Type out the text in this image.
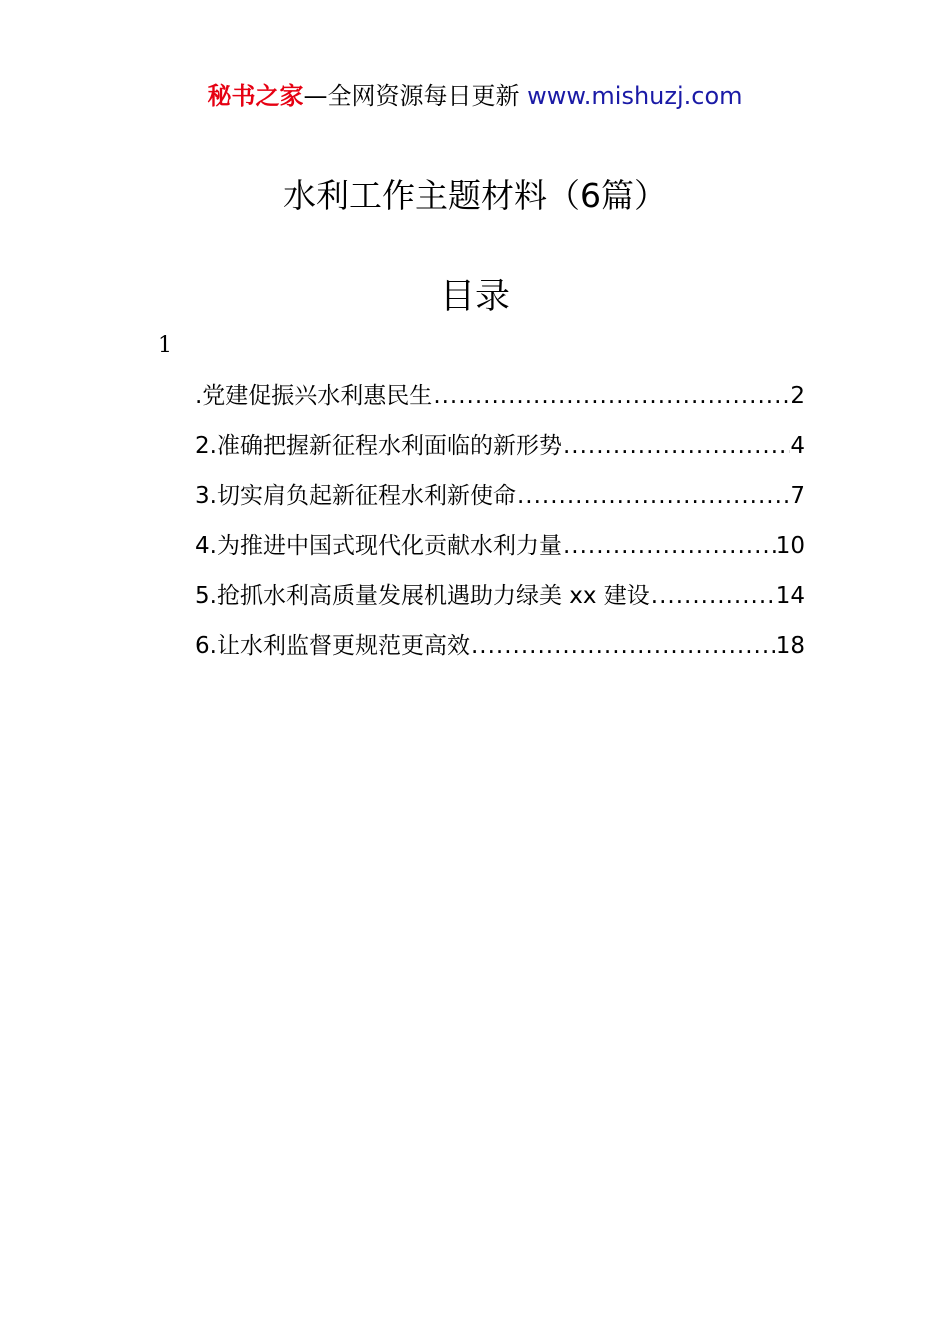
秘书之家—全网资源每日更新 www.mishuzj.com
水利工作主题材料（6篇）
目录
1
.党建促振兴水利惠民生 .....	2
2.准确把握新征程水利面临的新形势 .....	4
3.切实肩负起新征程水利新使命 .....	7
4.为推进中国式现代化贡献水利力量 .....	10
5.抢抓水利高质量发展机遇助力绿美 xx 建设 .....	14
6.让水利监督更规范更高效 .....	18
